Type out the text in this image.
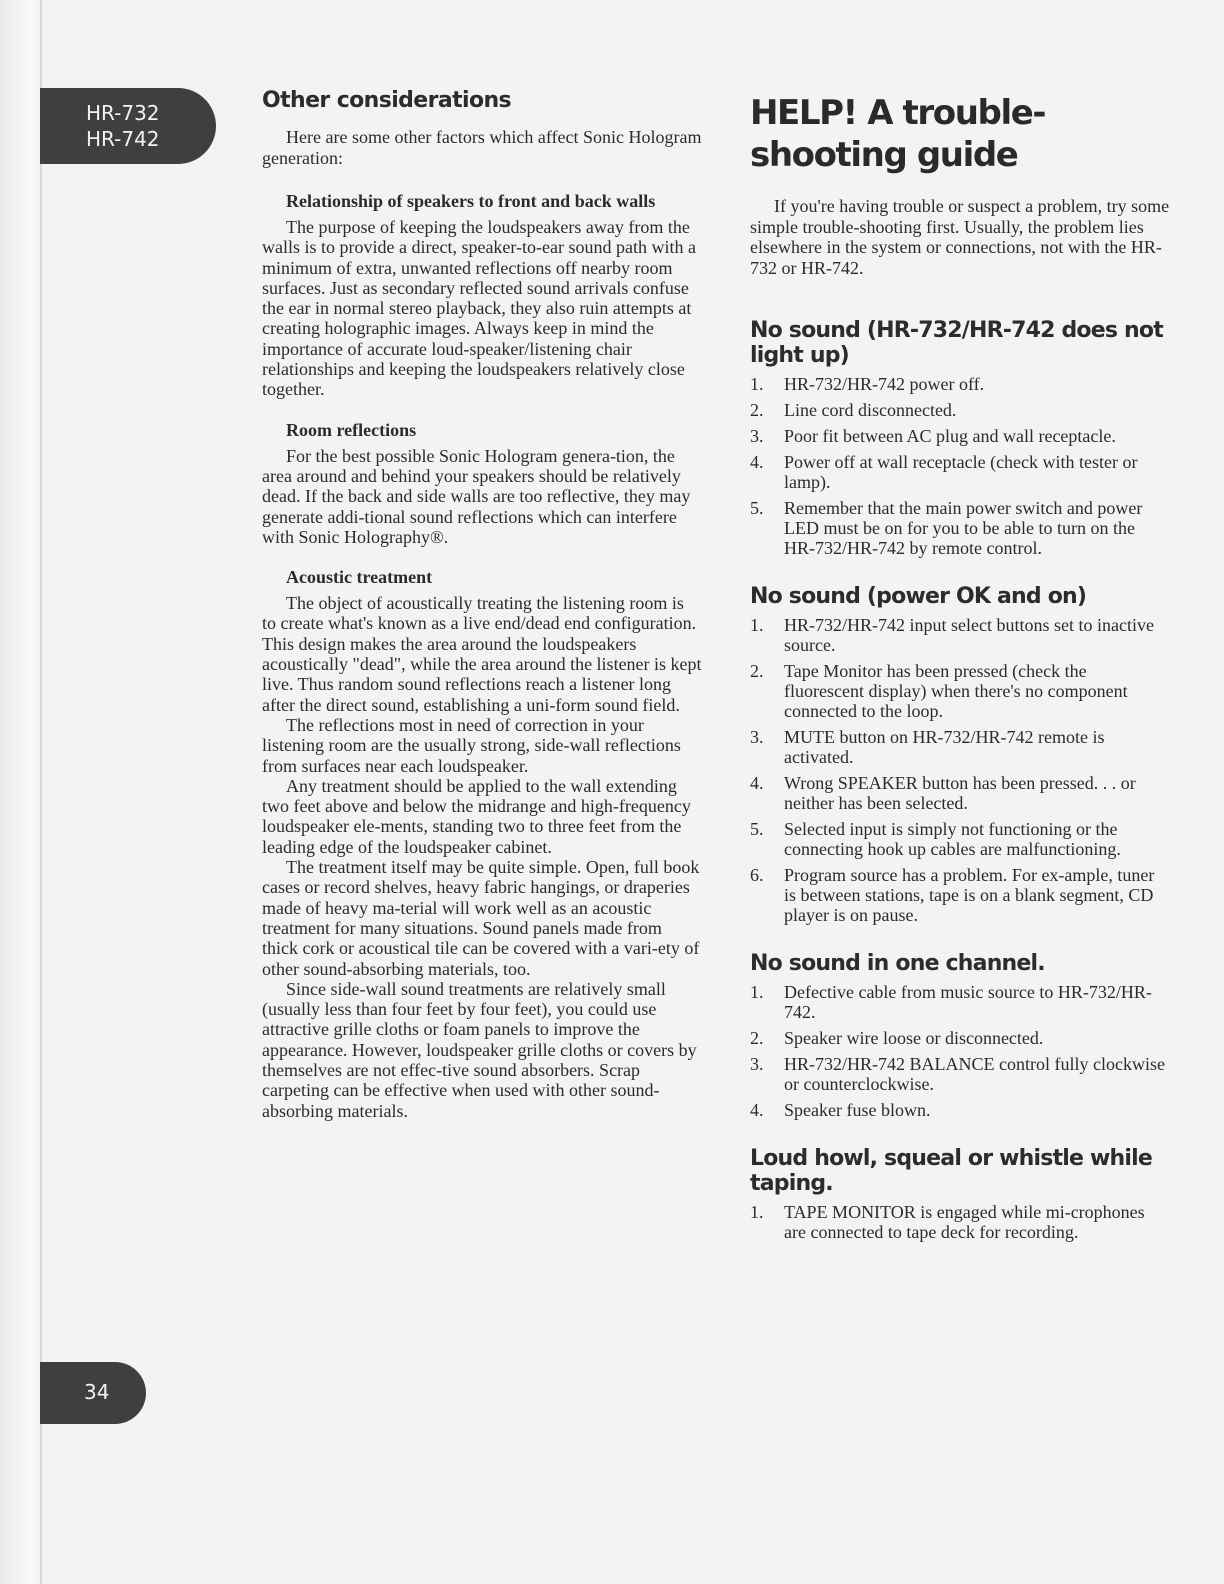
HR-732
HR-742
34
Other considerations

Here are some other factors which affect Sonic Hologram generation:

Relationship of speakers to front and back walls

The purpose of keeping the loudspeakers away from the walls is to provide a direct, speaker-to-ear sound path with a minimum of extra, unwanted reflections off nearby room surfaces. Just as secondary reflected sound arrivals confuse the ear in normal stereo playback, they also ruin attempts at creating holographic images. Always keep in mind the importance of accurate loud-speaker/listening chair relationships and keeping the loudspeakers relatively close together.

Room reflections

For the best possible Sonic Hologram genera-tion, the area around and behind your speakers should be relatively dead. If the back and side walls are too reflective, they may generate addi-tional sound reflections which can interfere with Sonic Holography®.

Acoustic treatment

The object of acoustically treating the listening room is to create what's known as a live end/dead end configuration. This design makes the area around the loudspeakers acoustically "dead", while the area around the listener is kept live. Thus random sound reflections reach a listener long after the direct sound, establishing a uni-form sound field.

The reflections most in need of correction in your listening room are the usually strong, side-wall reflections from surfaces near each loudspeaker.

Any treatment should be applied to the wall extending two feet above and below the midrange and high-frequency loudspeaker ele-ments, standing two to three feet from the leading edge of the loudspeaker cabinet.

The treatment itself may be quite simple. Open, full book cases or record shelves, heavy fabric hangings, or draperies made of heavy ma-terial will work well as an acoustic treatment for many situations. Sound panels made from thick cork or acoustical tile can be covered with a vari-ety of other sound-absorbing materials, too.

Since side-wall sound treatments are relatively small (usually less than four feet by four feet), you could use attractive grille cloths or foam panels to improve the appearance. However, loudspeaker grille cloths or covers by themselves are not effec-tive sound absorbers. Scrap carpeting can be effective when used with other sound-absorbing materials.

HELP! A trouble-
shooting guide

If you're having trouble or suspect a problem, try some simple trouble-shooting first. Usually, the problem lies elsewhere in the system or connections, not with the HR-732 or HR-742.

No sound (HR-732/HR-742 does not light up)
1.	HR-732/HR-742 power off.
2.	Line cord disconnected.
3.	Poor fit between AC plug and wall receptacle.
4.	Power off at wall receptacle (check with tester or lamp).
5.	Remember that the main power switch and power LED must be on for you to be able to turn on the HR-732/HR-742 by remote control.
No sound (power OK and on)
1.	HR-732/HR-742 input select buttons set to inactive source.
2.	Tape Monitor has been pressed (check the fluorescent display) when there's no component connected to the loop.
3.	MUTE button on HR-732/HR-742 remote is activated.
4.	Wrong SPEAKER button has been pressed. . . or neither has been selected.
5.	Selected input is simply not functioning or the connecting hook up cables are malfunctioning.
6.	Program source has a problem. For ex-ample, tuner is between stations, tape is on a blank segment, CD player is on pause.
No sound in one channel.
1.	Defective cable from music source to HR-732/HR-742.
2.	Speaker wire loose or disconnected.
3.	HR-732/HR-742 BALANCE control fully clockwise or counterclockwise.
4.	Speaker fuse blown.
Loud howl, squeal or whistle while taping.
1.	TAPE MONITOR is engaged while mi-crophones are connected to tape deck for recording.
